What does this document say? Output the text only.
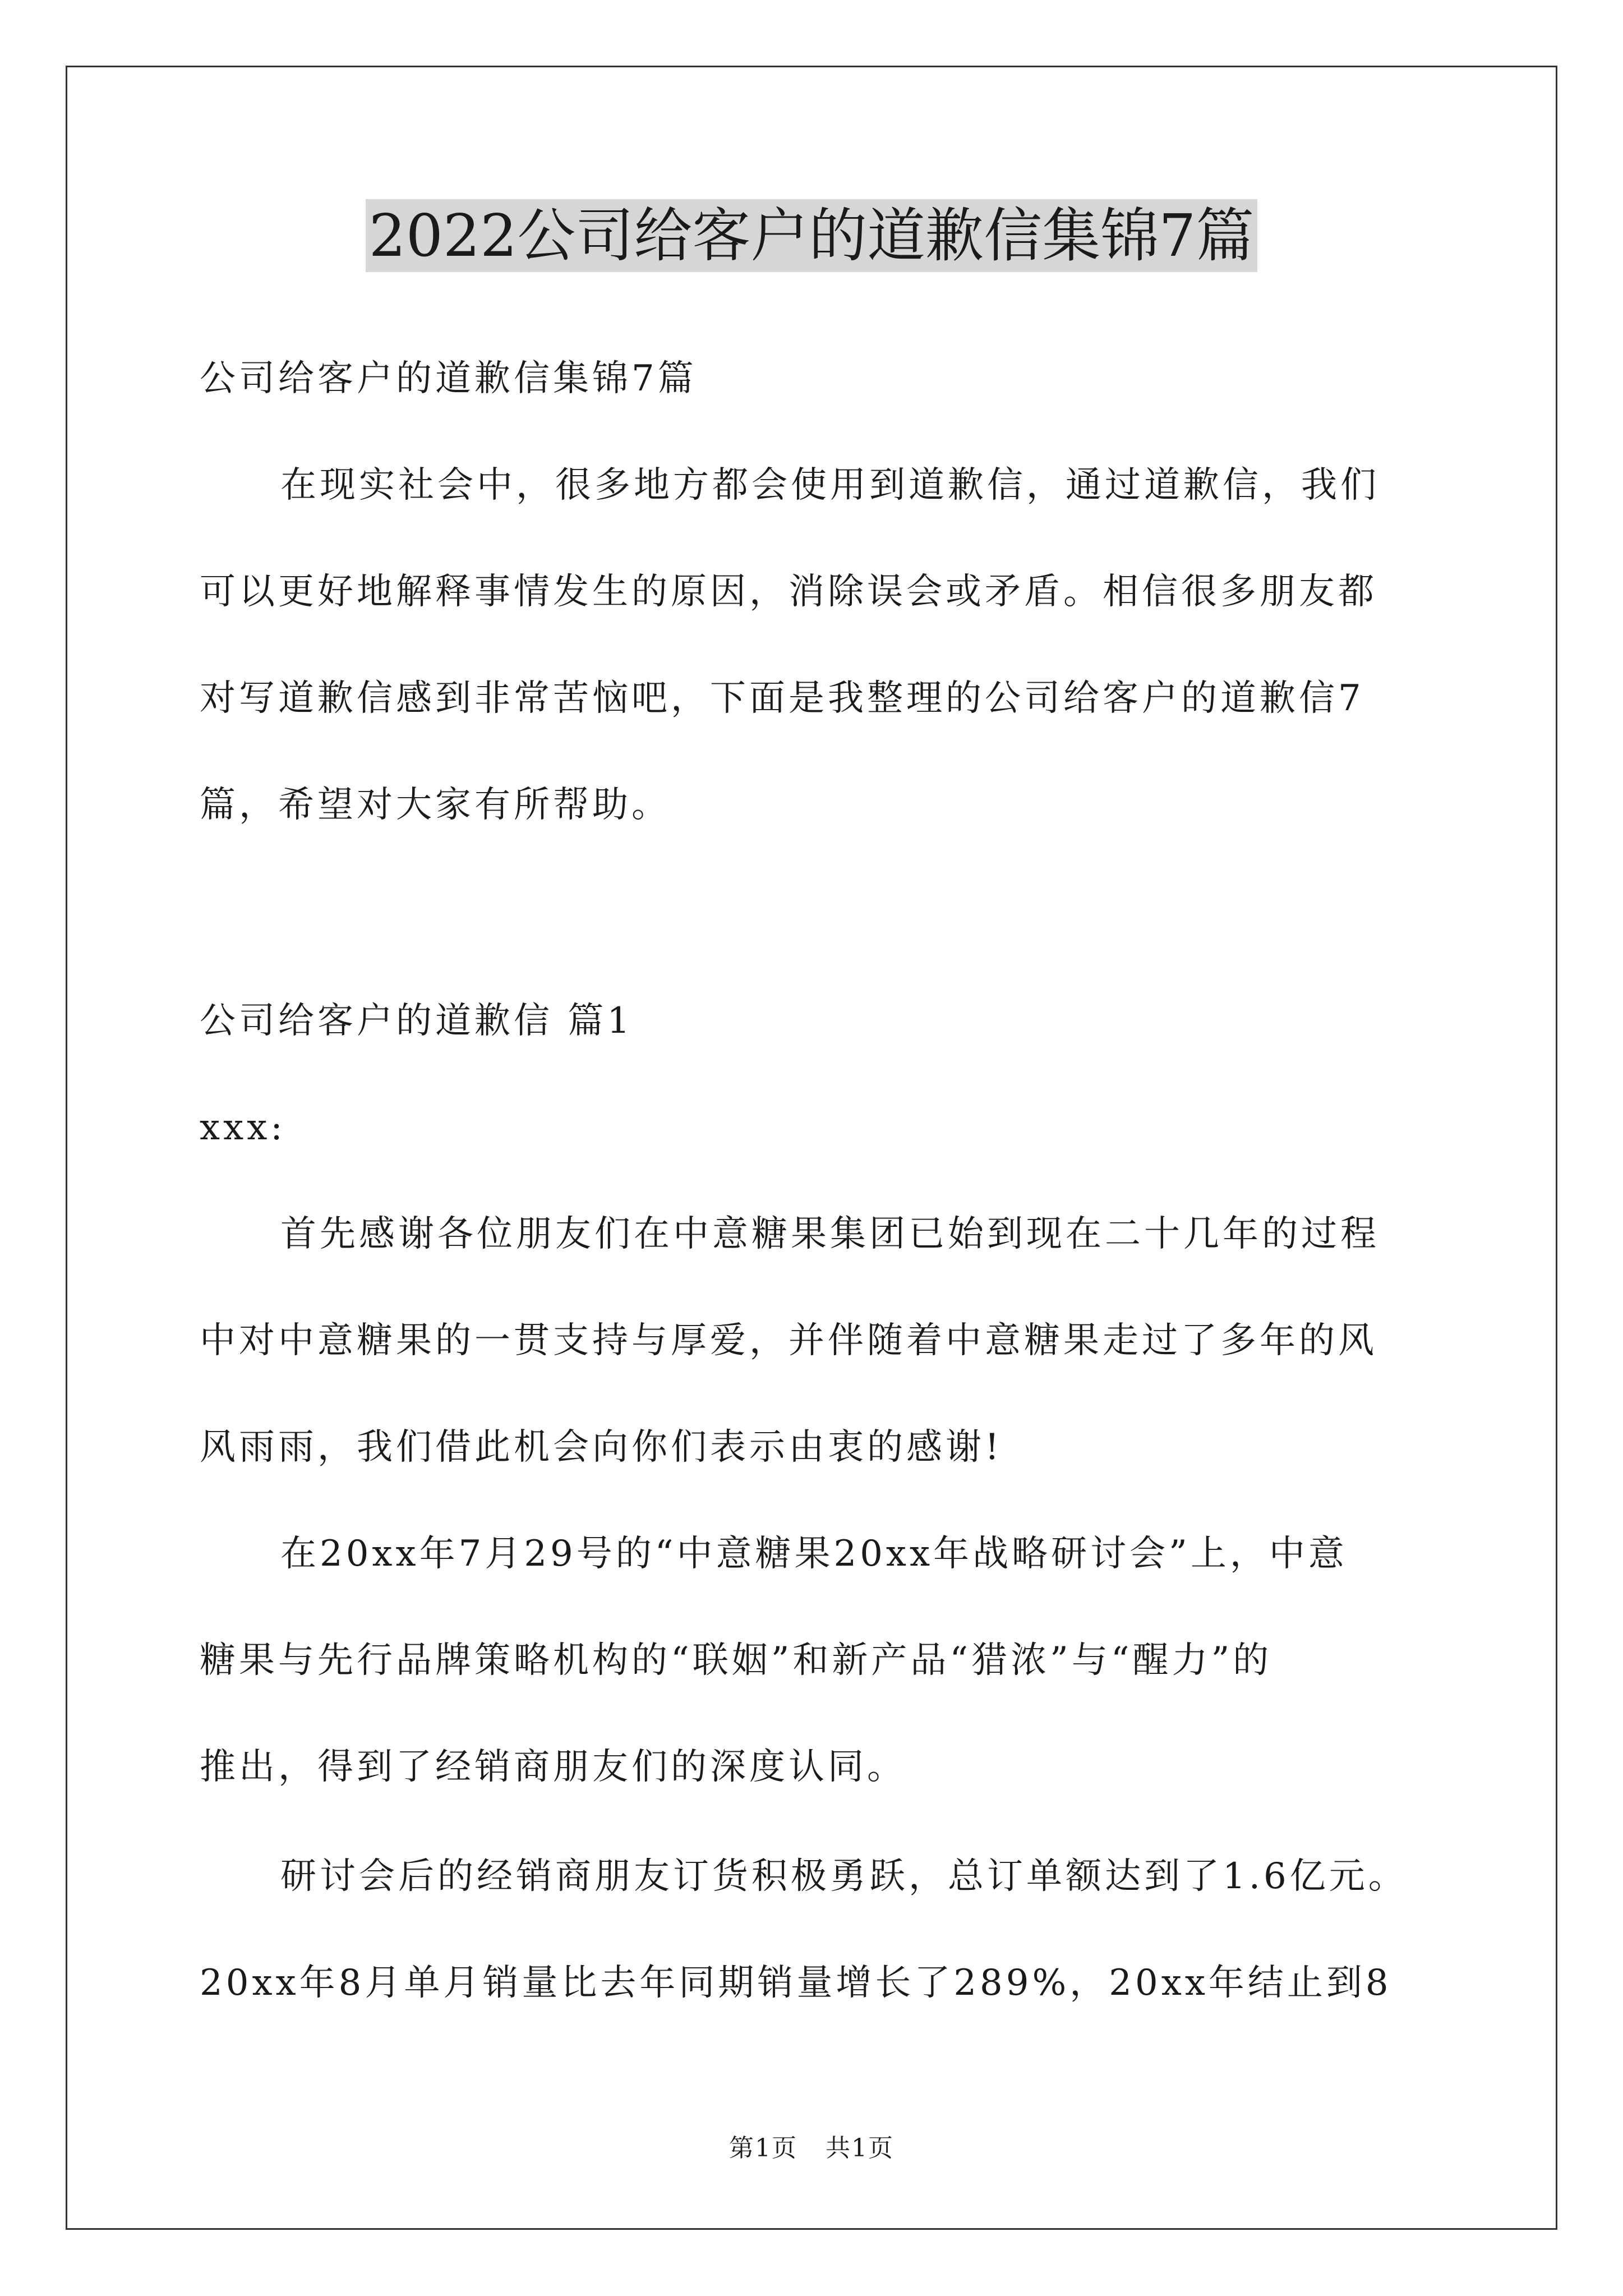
2022公司给客户的道歉信集锦7篇

公司给客户的道歉信集锦7篇

在现实社会中，很多地方都会使用到道歉信，通过道歉信，我们

可以更好地解释事情发生的原因，消除误会或矛盾。相信很多朋友都

对写道歉信感到非常苦恼吧，下面是我整理的公司给客户的道歉信7

篇，希望对大家有所帮助。

公司给客户的道歉信 篇1

xxx:

首先感谢各位朋友们在中意糖果集团已始到现在二十几年的过程

中对中意糖果的一贯支持与厚爱，并伴随着中意糖果走过了多年的风

风雨雨，我们借此机会向你们表示由衷的感谢!

在20xx年7月29号的“中意糖果20xx年战略研讨会”上，中意

糖果与先行品牌策略机构的“联姻”和新产品“猎浓”与“醒力”的

推出，得到了经销商朋友们的深度认同。

研讨会后的经销商朋友订货积极勇跃，总订单额达到了1.6亿元。

20xx年8月单月销量比去年同期销量增长了289%，20xx年结止到8

第1页 共1页
